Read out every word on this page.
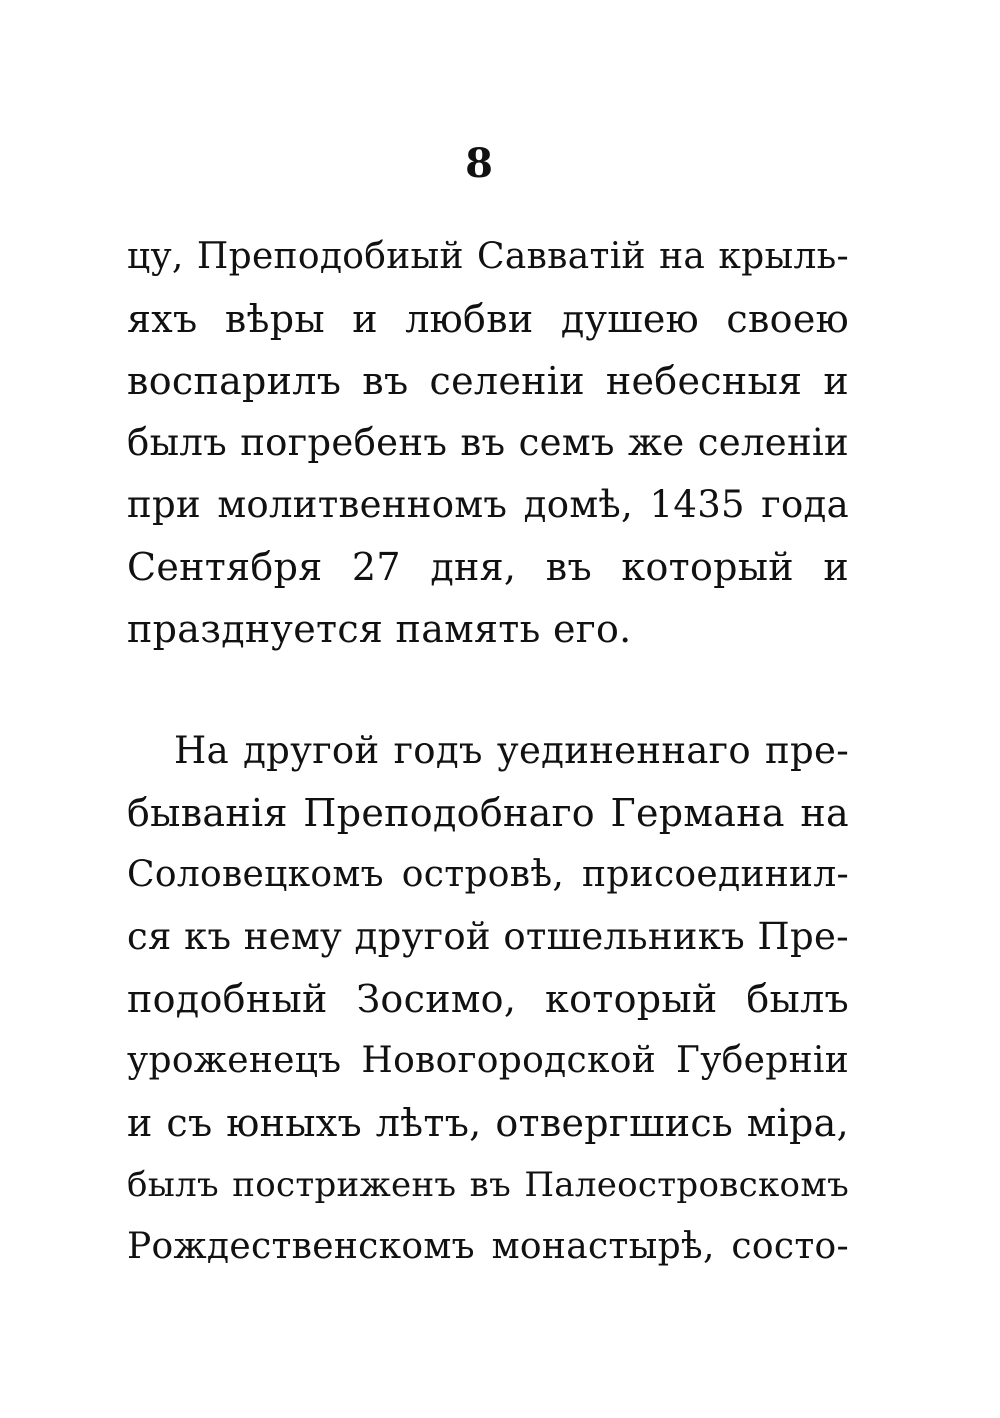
8
цу, Преподобиый Савватій на крыль-
яхъ вѣры и любви душею своею
воспарилъ въ селеніи небесныя и
былъ погребенъ въ семъ же селеніи
при молитвенномъ домѣ, 1435 года
Сентября 27 дня, въ который и
празднуется память его.
На другой годъ уединеннаго пре-
быванія Преподобнаго Германа на
Соловецкомъ островѣ, присоединил-
ся къ нему другой отшельникъ Пре-
подобный Зосимо, который былъ
уроженецъ Новогородской Губерніи
и съ юныхъ лѣтъ, отвергшись міра,
былъ постриженъ въ Палеостровскомъ
Рождественскомъ монастырѣ, состо-
